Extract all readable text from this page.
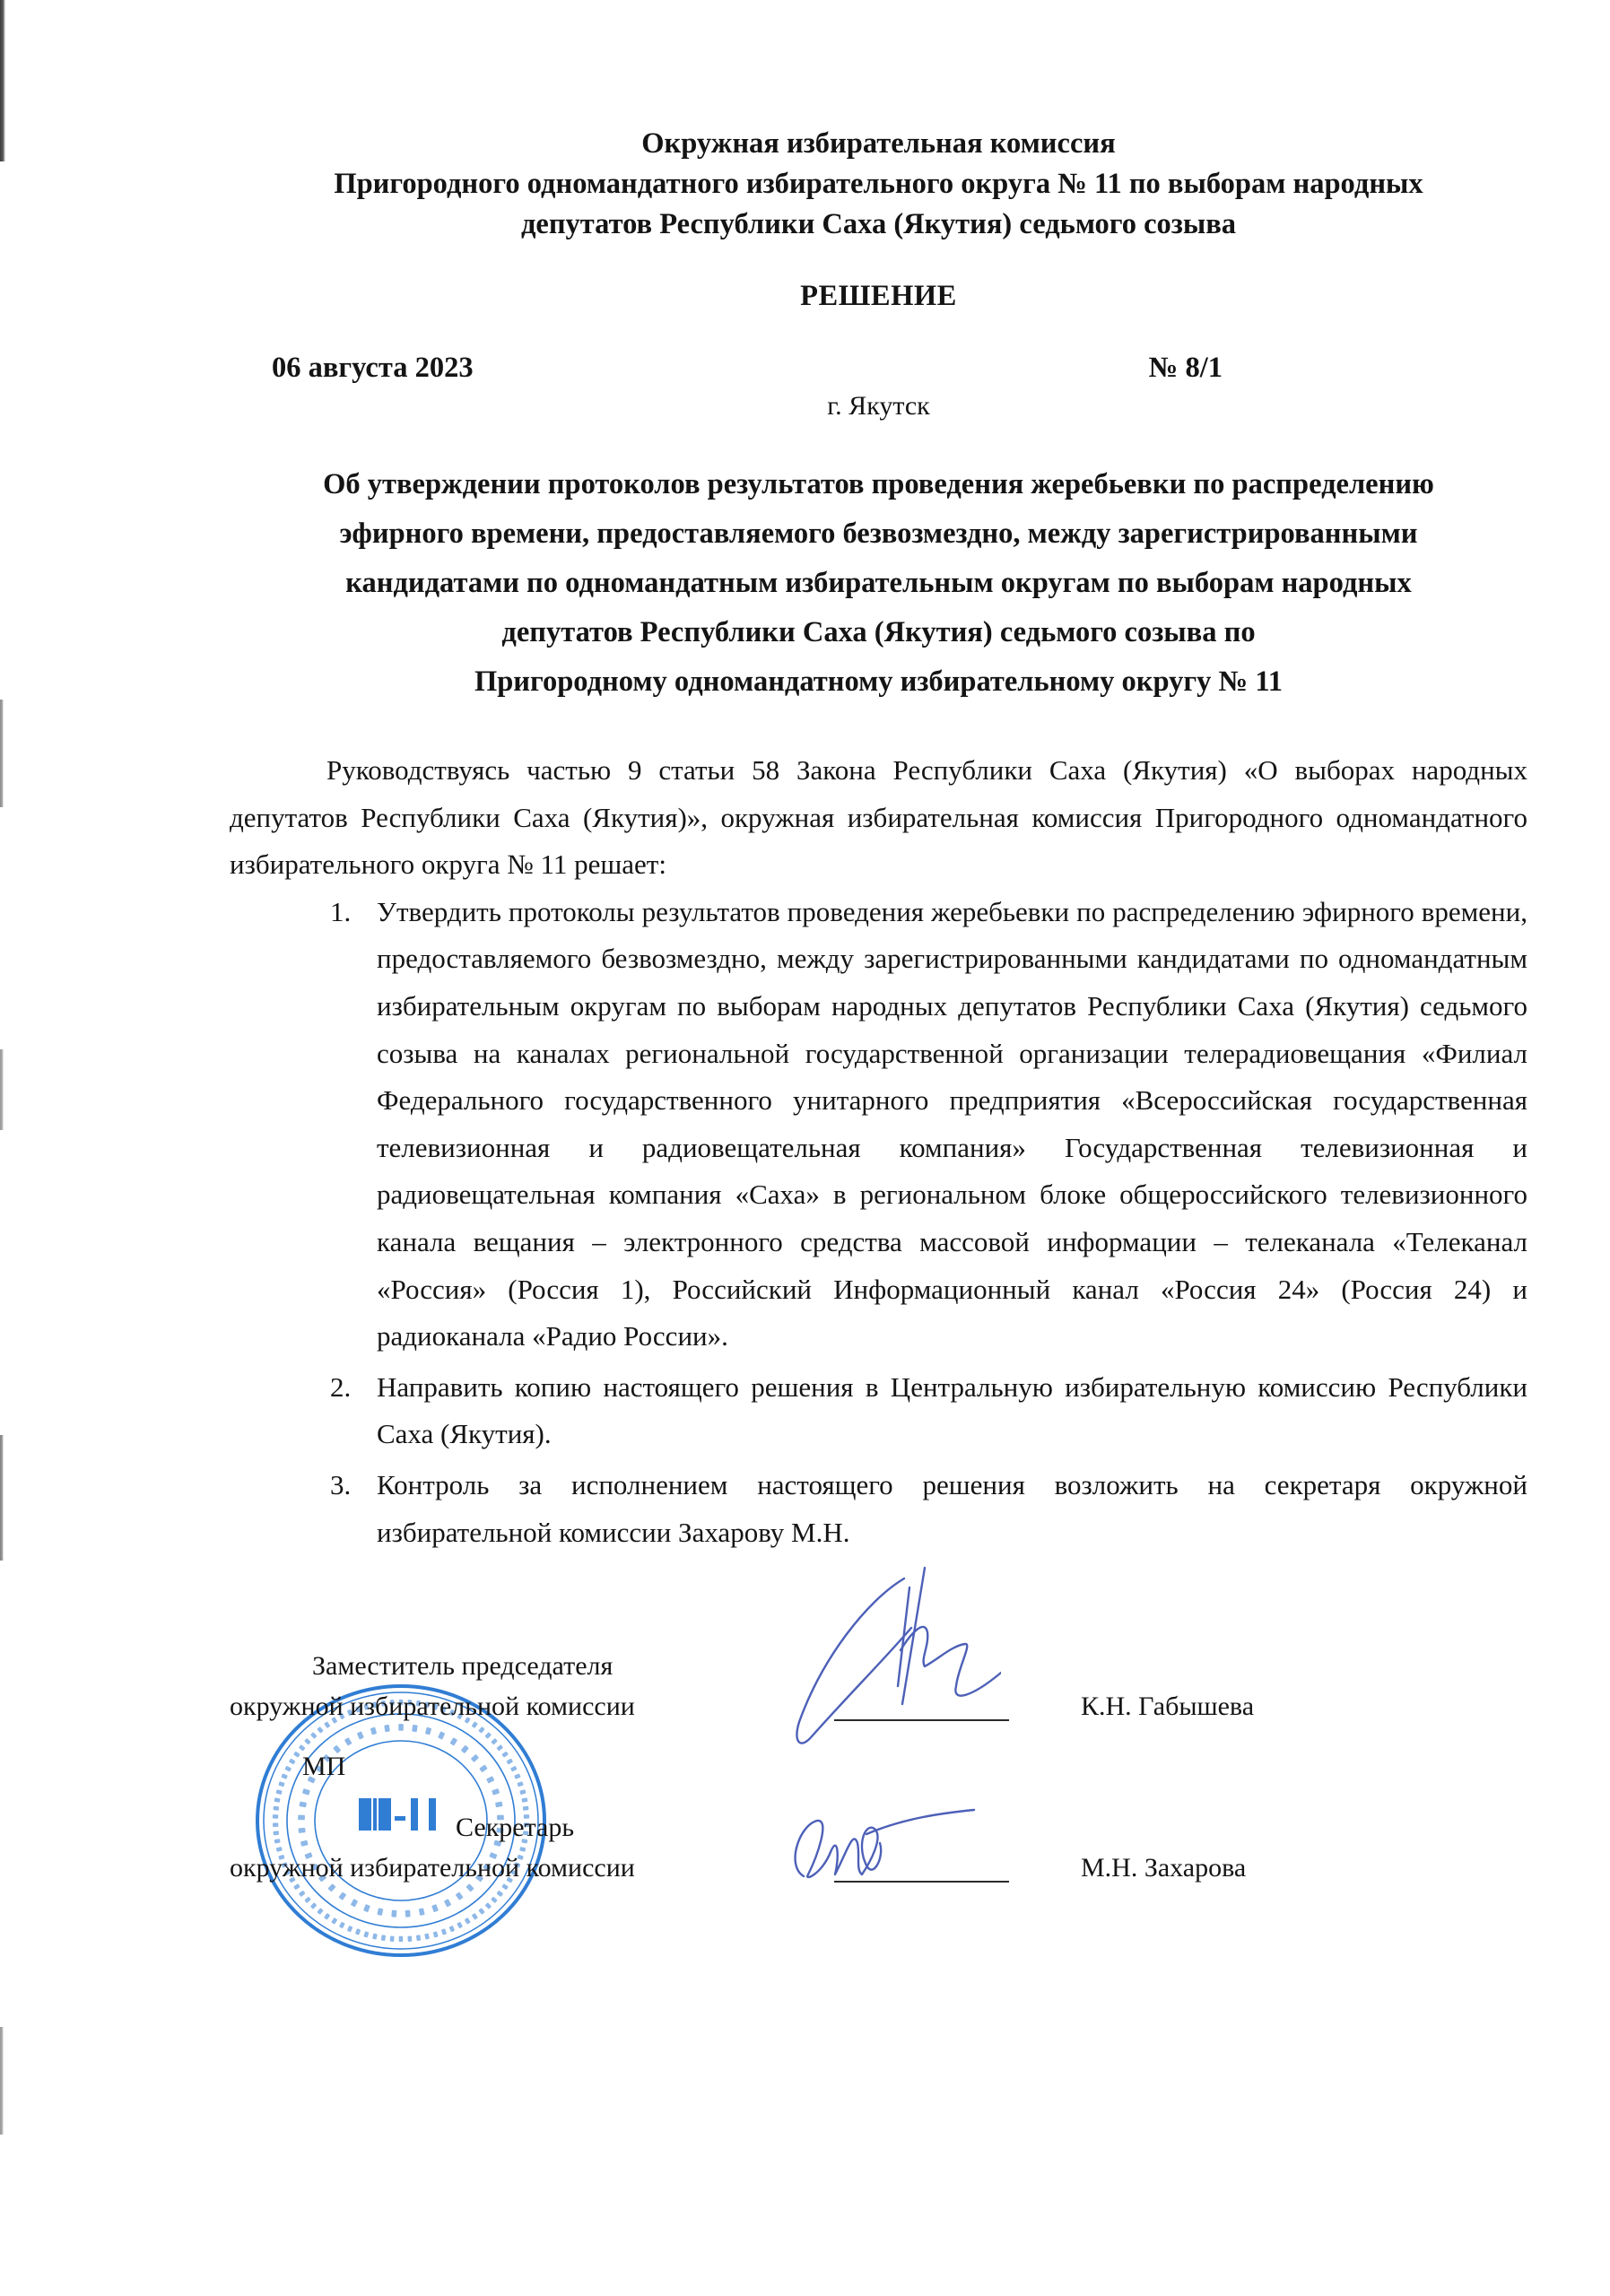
Окружная избирательная комиссия
Пригородного одномандатного избирательного округа № 11 по выборам народных
депутатов Республики Саха (Якутия) седьмого созыва
РЕШЕНИЕ
06 августа 2023	№ 8/1
г. Якутск
Об утверждении протоколов результатов проведения жеребьевки по распределению
эфирного времени, предоставляемого безвозмездно, между зарегистрированными
кандидатами по одномандатным избирательным округам по выборам народных
депутатов Республики Саха (Якутия) седьмого созыва по
Пригородному одномандатному избирательному округу № 11

Руководствуясь частью 9 статьи 58 Закона Республики Саха (Якутия) «О выборах народных депутатов Республики Саха (Якутия)», окружная избирательная комиссия Пригородного одномандатного избирательного округа № 11 решает:

1. Утвердить протоколы результатов проведения жеребьевки по распределению эфирного времени, предоставляемого безвозмездно, между зарегистрированными кандидатами по одномандатным избирательным округам по выборам народных депутатов Республики Саха (Якутия) седьмого созыва на каналах региональной государственной организации телерадиовещания «Филиал Федерального государственного унитарного предприятия «Всероссийская государственная телевизионная и радиовещательная компания» Государственная телевизионная и радиовещательная компания «Саха» в региональном блоке общероссийского телевизионного канала вещания – электронного средства массовой информации – телеканала «Телеканал «Россия» (Россия 1), Российский Информационный канал «Россия 24» (Россия 24) и радиоканала «Радио России».
2. Направить копию настоящего решения в Центральную избирательную комиссию Республики Саха (Якутия).
3. Контроль за исполнением настоящего решения возложить на секретаря окружной избирательной комиссии Захарову М.Н.
Заместитель председателя
окружной избирательной комиссии	К.Н. Габышева
МП
Секретарь
окружной избирательной комиссии	М.Н. Захарова
